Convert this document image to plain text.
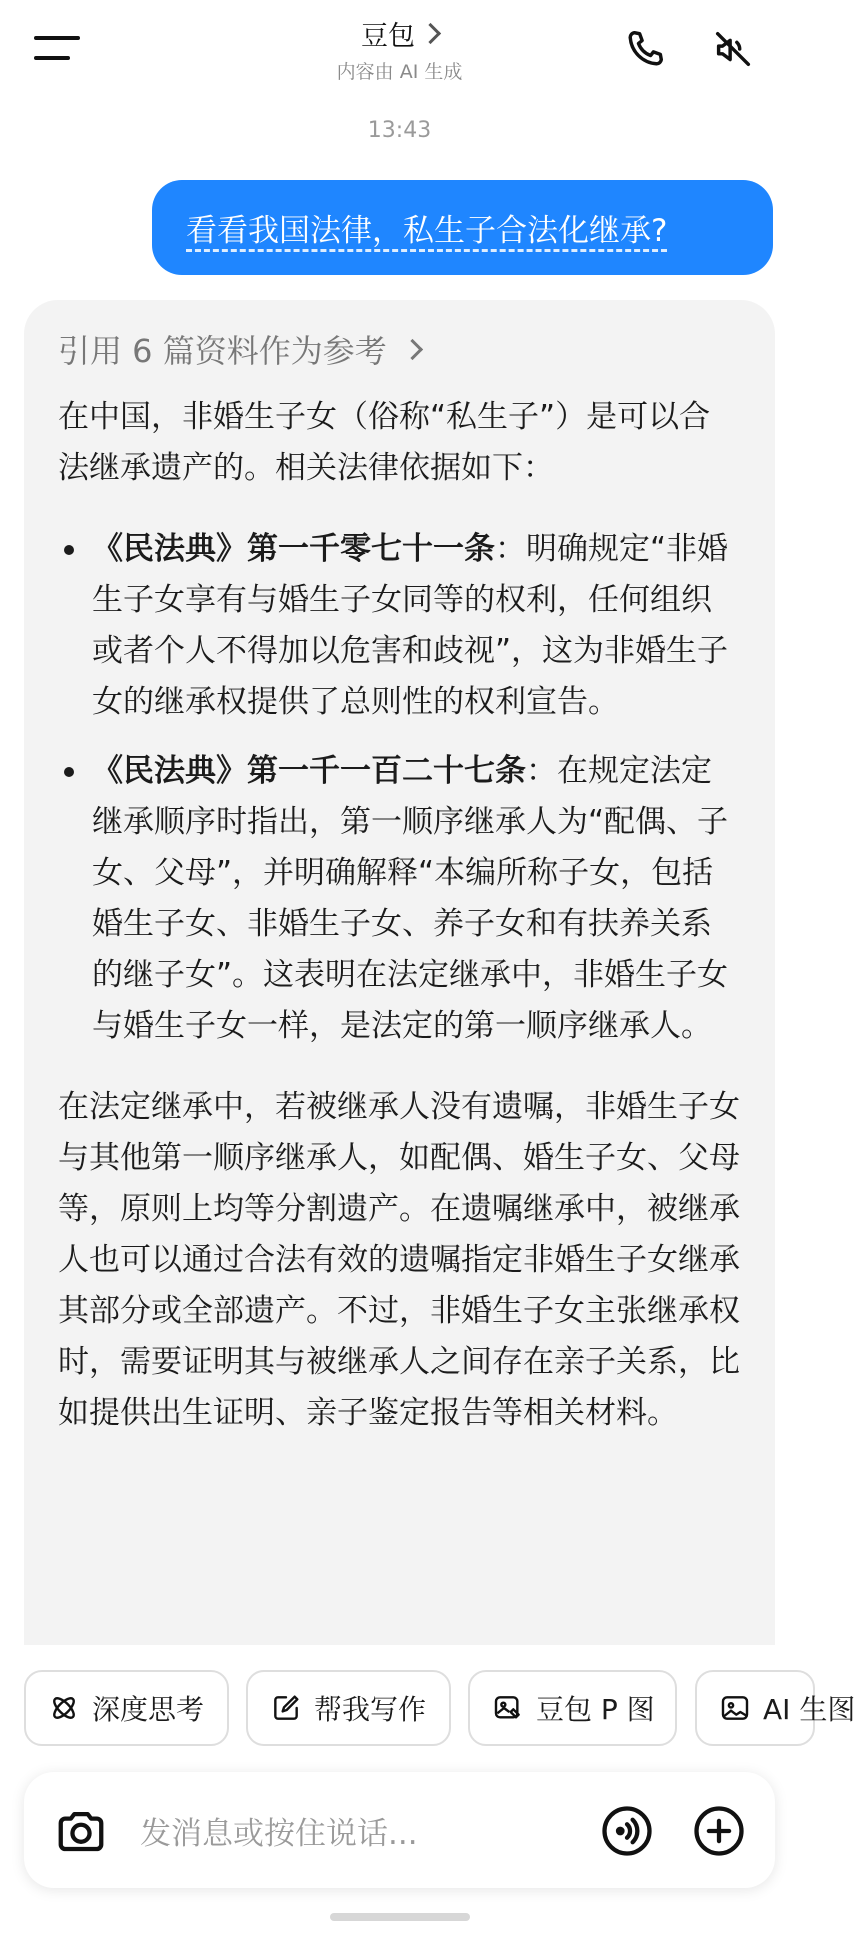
豆包
内容由 AI 生成
13:43
看看我国法律，私生子合法化继承?
引用 6 篇资料作为参考

在中国，非婚生子女（俗称“私生子”）是可以合法继承遗产的。相关法律依据如下：

《民法典》第一千零七十一条：明确规定“非婚生子女享有与婚生子女同等的权利，任何组织或者个人不得加以危害和歧视”，这为非婚生子女的继承权提供了总则性的权利宣告。
《民法典》第一千一百二十七条：在规定法定继承顺序时指出，第一顺序继承人为“配偶、子女、父母”，并明确解释“本编所称子女，包括婚生子女、非婚生子女、养子女和有扶养关系的继子女”。这表明在法定继承中，非婚生子女与婚生子女一样，是法定的第一顺序继承人。

在法定继承中，若被继承人没有遗嘱，非婚生子女与其他第一顺序继承人，如配偶、婚生子女、父母等，原则上均等分割遗产。在遗嘱继承中，被继承人也可以通过合法有效的遗嘱指定非婚生子女继承其部分或全部遗产。不过，非婚生子女主张继承权时，需要证明其与被继承人之间存在亲子关系，比如提供出生证明、亲子鉴定报告等相关材料。

深度思考	帮我写作	豆包 P 图	AI 生图
发消息或按住说话...
